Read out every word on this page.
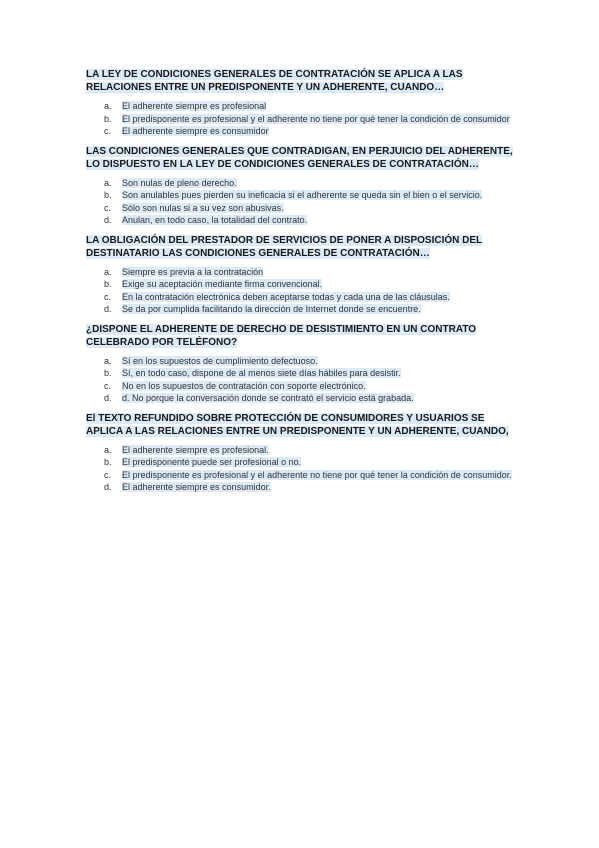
LA LEY DE CONDICIONES GENERALES DE CONTRATACIÓN SE APLICA A LAS RELACIONES ENTRE UN PREDISPONENTE Y UN ADHERENTE, CUANDO…
a. El adherente siempre es profesional
b. El predisponente es profesional y el adherente no tiene por qué tener la condición de consumidor
c. El adherente siempre es consumidor
LAS CONDICIONES GENERALES QUE CONTRADIGAN, EN PERJUICIO DEL ADHERENTE, LO DISPUESTO EN LA LEY DE CONDICIONES GENERALES DE CONTRATACIÓN…
a. Son nulas de pleno derecho.
b. Son anulables pues pierden su ineficacia si el adherente se queda sin el bien o el servicio.
c. Sólo son nulas si a su vez son abusivas.
d. Anulan, en todo caso, la totalidad del contrato.
LA OBLIGACIÓN DEL PRESTADOR DE SERVICIOS DE PONER A DISPOSICIÓN DEL DESTINATARIO LAS CONDICIONES GENERALES DE CONTRATACIÓN…
a. Siempre es previa a la contratación
b. Exige su aceptación mediante firma convencional.
c. En la contratación electrónica deben aceptarse todas y cada una de las cláusulas.
d. Se da por cumplida facilitando la dirección de Internet donde se encuentre.
¿DISPONE EL ADHERENTE DE DERECHO DE DESISTIMIENTO EN UN CONTRATO CELEBRADO POR TELÉFONO?
a. Sí en los supuestos de cumplimiento defectuoso.
b. Sí, en todo caso, dispone de al menos siete días hábiles para desistir.
c. No en los supuestos de contratación con soporte electrónico.
d. d. No porque la conversación donde se contrató el servicio está grabada.
El TEXTO REFUNDIDO SOBRE PROTECCIÓN DE CONSUMIDORES Y USUARIOS SE APLICA A LAS RELACIONES ENTRE UN PREDISPONENTE Y UN ADHERENTE, CUANDO,
a. El adherente siempre es profesional.
b. El predisponente puede ser profesional o no.
c. El predisponente es profesional y el adherente no tiene por qué tener la condición de consumidor.
d. El adherente siempre es consumidor.
